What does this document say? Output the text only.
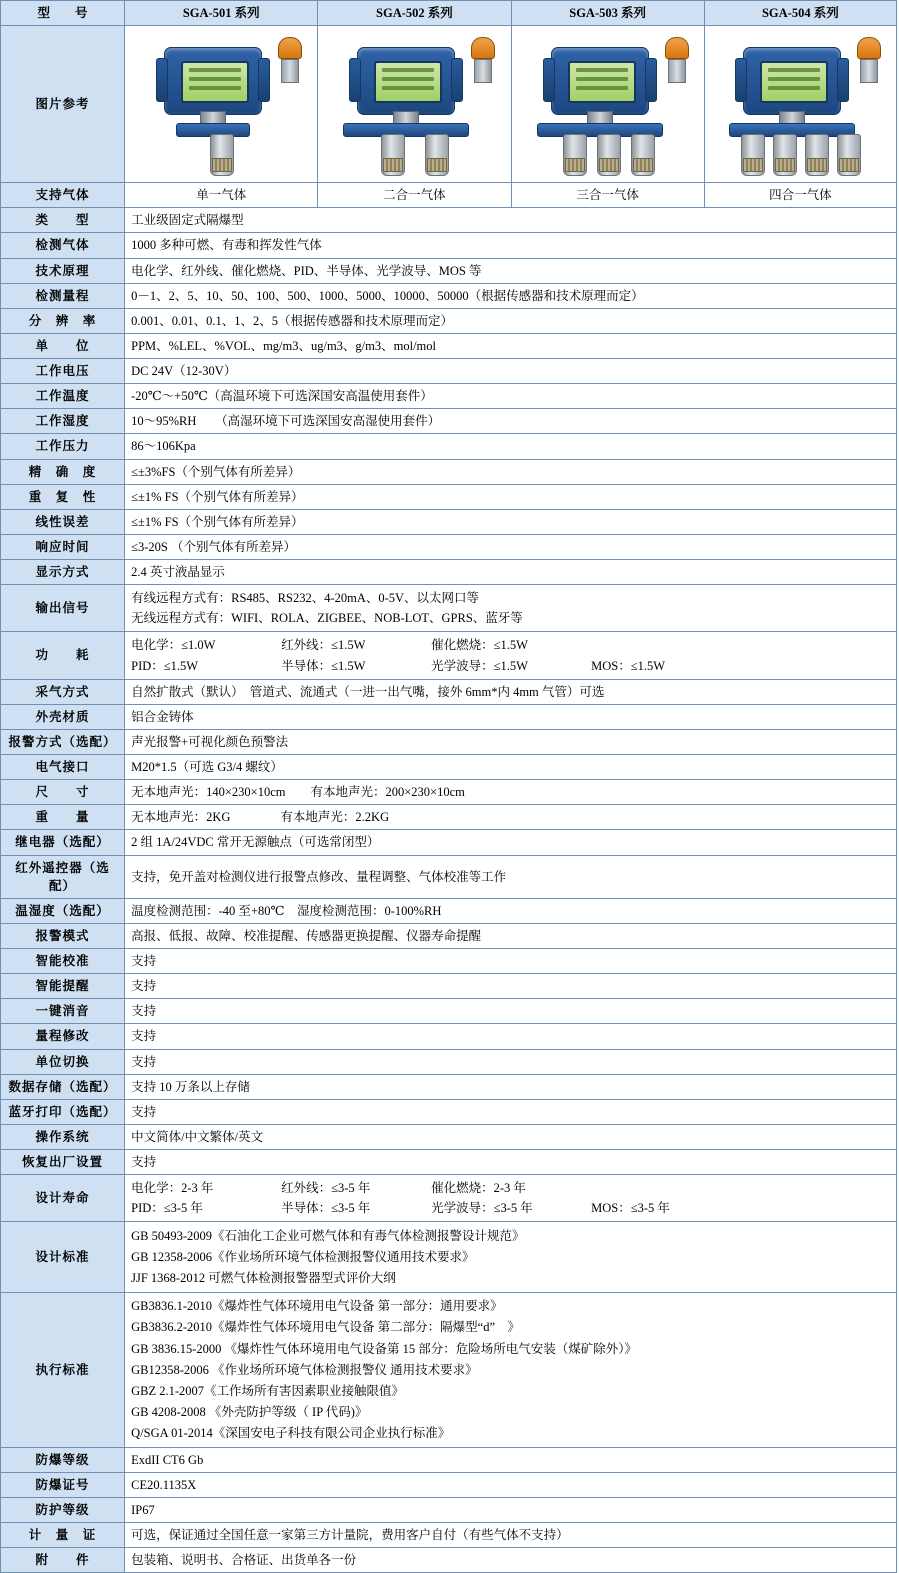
型　　号	SGA-501 系列	SGA-502 系列	SGA-503 系列	SGA-504 系列
图片参考	

支持气体	单一气体	二合一气体	三合一气体	四合一气体
类　　型	工业级固定式隔爆型			
检测气体	1000 多种可燃、有毒和挥发性气体			
技术原理	电化学、红外线、催化燃烧、PID、半导体、光学波导、MOS 等			
检测量程	0－1、2、5、10、50、100、500、1000、5000、10000、50000（根据传感器和技术原理而定）			
分　辨　率	0.001、0.01、0.1、1、2、5（根据传感器和技术原理而定）			
单　　位	PPM、%LEL、%VOL、mg/m3、ug/m3、g/m3、mol/mol			
工作电压	DC 24V（12-30V）			
工作温度	-20℃～+50℃（高温环境下可选深国安高温使用套件）			
工作湿度	10～95%RH　　（高湿环境下可选深国安高湿使用套件）			
工作压力	86～106Kpa			
精　确　度	≤±3%FS（个别气体有所差异）			
重　复　性	≤±1% FS（个别气体有所差异）			
线性误差	≤±1% FS（个别气体有所差异）			
响应时间	≤3-20S （个别气体有所差异）			
显示方式	2.4 英寸液晶显示			
输出信号	有线远程方式有：RS485、RS232、4-20mA、0-5V、以太网口等
无线远程方式有：WIFI、ROLA、ZIGBEE、NOB-LOT、GPRS、蓝牙等			

功　　耗	
电化学：≤1.0W	红外线：≤1.5W	催化燃烧：≤1.5W
PID：≤1.5W	半导体：≤1.5W	光学波导：≤1.5W	MOS：≤1.5W

采气方式	自然扩散式（默认）　管道式、流通式（一进一出气嘴，接外 6mm*内 4mm 气管）可选			
外壳材质	铝合金铸体			
报警方式（选配）	声光报警+可视化颜色预警法			
电气接口	M20*1.5（可选 G3/4 螺纹）			
尺　　寸	无本地声光：140×230×10cm　　有本地声光：200×230×10cm			
重　　量	无本地声光：2KG　　　　有本地声光：2.2KG			
继电器（选配）	2 组 1A/24VDC 常开无源触点（可选常闭型）			
红外遥控器（选配）	支持，免开盖对检测仪进行报警点修改、量程调整、气体校准等工作			
温湿度（选配）	温度检测范围：-40 至+80℃　湿度检测范围：0-100%RH			
报警模式	高报、低报、故障、校准提醒、传感器更换提醒、仪器寿命提醒			
智能校准	支持			
智能提醒	支持			
一键消音	支持			
量程修改	支持			
单位切换	支持			
数据存储（选配）	支持 10 万条以上存储			
蓝牙打印（选配）	支持			
操作系统	中文简体/中文繁体/英文			
恢复出厂设置	支持			
设计寿命	
电化学：2-3 年	红外线：≤3-5 年	催化燃烧：2-3 年
PID：≤3-5 年	半导体：≤3-5 年	光学波导：≤3-5 年	MOS：≤3-5 年

设计标准	GB 50493-2009《石油化工企业可燃气体和有毒气体检测报警设计规范》
GB 12358-2006《作业场所环境气体检测报警仪通用技术要求》
JJF 1368-2012 可燃气体检测报警器型式评价大纲			

执行标准	
GB3836.1-2010《爆炸性气体环境用电气设备 第一部分：通用要求》
GB3836.2-2010《爆炸性气体环境用电气设备 第二部分：隔爆型“d”　》
GB 3836.15-2000 《爆炸性气体环境用电气设备第 15 部分：危险场所电气安装（煤矿除外）》
GB12358-2006 《作业场所环境气体检测报警仪 通用技术要求》
GBZ 2.1-2007《工作场所有害因素职业接触限值》
GB 4208-2008 《外壳防护等级（ IP 代码)》
Q/SGA 01-2014《深国安电子科技有限公司企业执行标准》

防爆等级	ExdII CT6 Gb			
防爆证号	CE20.1135X			
防护等级	IP67			
计　量　证	可选，保证通过全国任意一家第三方计量院，费用客户自付（有些气体不支持）			
附　　件	包装箱、说明书、合格证、出货单各一份			
